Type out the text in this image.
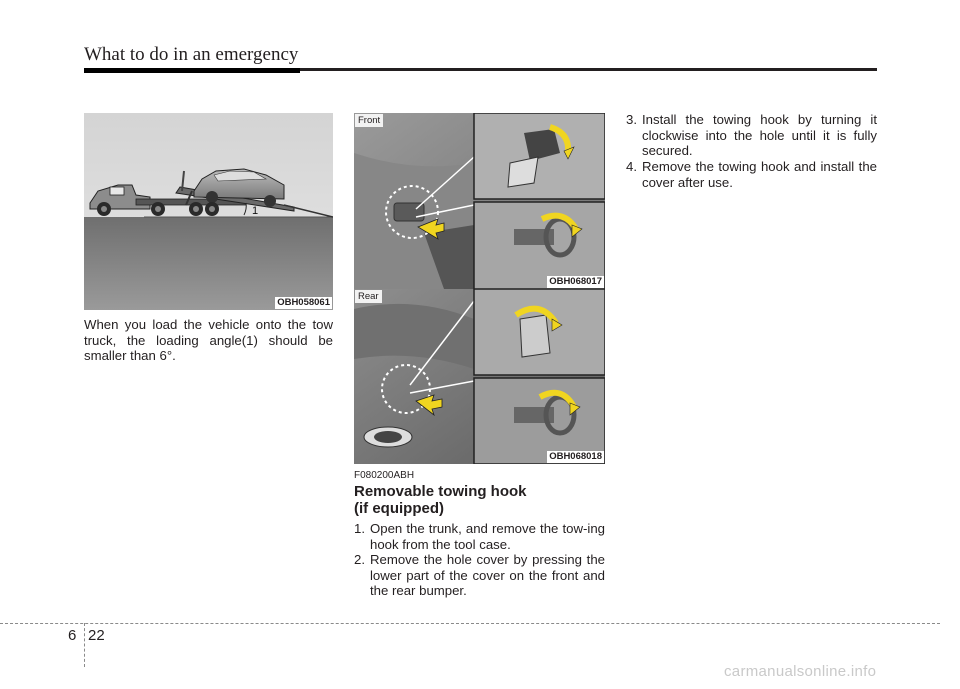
What to do in an emergency
1
OBH058061
When you load the vehicle onto the tow truck, the loading angle(1) should be smaller than 6°.
Front
OBH068017
Rear
OBH068018
F080200ABH
Removable towing hook
(if equipped)
1. Open the trunk, and remove the tow-ing hook from the tool case.
2. Remove the hole cover by pressing the lower part of the cover on the front and the rear bumper.
3. Install the towing hook by turning it clockwise into the hole until it is fully secured.
4. Remove the towing hook and install the cover after use.
6 22
carmanualsonline.info
